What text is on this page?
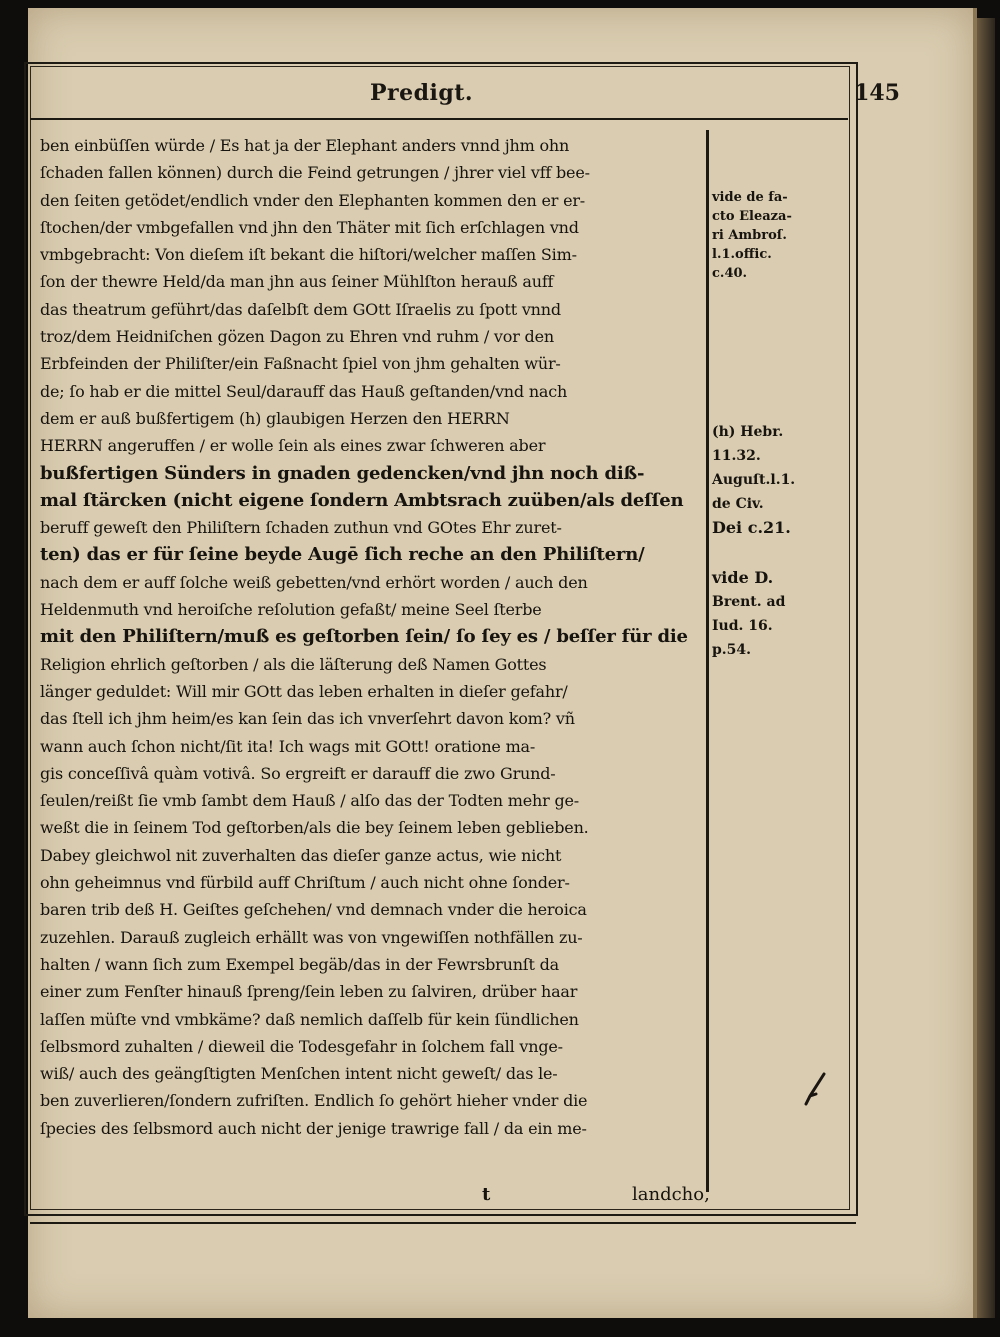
Predigt.	145
ben einbüſſen würde / Es hat ja der Elephant anders vnnd jhm ohn
ſchaden fallen können) durch die Feind getrungen / jhrer viel vff bee-
den ſeiten getödet/endlich vnder den Elephanten kommen den er er-
ſtochen/der vmbgefallen vnd jhn den Thäter mit ſich erſchlagen vnd
vmbgebracht: Von dieſem iſt bekant die hiſtori/welcher maſſen Sim-
ſon der thewre Held/da man jhn aus ſeiner Mühlſton herauß auff
das theatrum geführt/das daſelbſt dem GOtt Iſraelis zu ſpott vnnd
troz/dem Heidniſchen gözen Dagon zu Ehren vnd ruhm / vor den
Erbfeinden der Philiſter/ein Faßnacht ſpiel von jhm gehalten wür-
de; ſo hab er die mittel Seul/darauff das Hauß geſtanden/vnd nach
dem er auß bußfertigem (h) glaubigen Herzen den HERRN
HERRN angeruffen / er wolle ſein als eines zwar ſchweren aber
bußfertigen Sünders in gnaden gedencken/vnd jhn noch diß-
mal ſtärcken (nicht eigene ſondern Ambtsrach zuüben/als deſſen
beruff geweſt den Philiſtern ſchaden zuthun vnd GOtes Ehr zuret-
ten) das er für ſeine beyde Augē ſich reche an den Philiſtern/
nach dem er auff ſolche weiß gebetten/vnd erhört worden / auch den
Heldenmuth vnd heroiſche reſolution gefaßt/ meine Seel ſterbe
mit den Philiſtern/muß es geſtorben ſein/ ſo ſey es / beſſer für die
Religion ehrlich geſtorben / als die läſterung deß Namen Gottes
länger geduldet: Will mir GOtt das leben erhalten in dieſer gefahr/
das ſtell ich jhm heim/es kan ſein das ich vnverſehrt davon kom? vñ
wann auch ſchon nicht/ſit ita! Ich wags mit GOtt! oratione ma-
gis conceſſivâ quàm votivâ. So ergreift er darauff die zwo Grund-
ſeulen/reißt ſie vmb ſambt dem Hauß / alſo das der Todten mehr ge-
weßt die in ſeinem Tod geſtorben/als die bey ſeinem leben geblieben.
Dabey gleichwol nit zuverhalten das dieſer ganze actus, wie nicht
ohn geheimnus vnd fürbild auff Chriſtum / auch nicht ohne ſonder-
baren trib deß H. Geiſtes geſchehen/ vnd demnach vnder die heroica
zuzehlen. Darauß zugleich erhällt was von vngewiſſen nothfällen zu-
halten / wann ſich zum Exempel begäb/das in der Fewrsbrunſt da
einer zum Fenſter hinauß ſpreng/ſein leben zu ſalviren, drüber haar
laſſen müſte vnd vmbkäme? daß nemlich daſſelb für kein ſündlichen
ſelbsmord zuhalten / dieweil die Todesgefahr in ſolchem fall vnge-
wiß/ auch des geängſtigten Menſchen intent nicht geweſt/ das le-
ben zuverlieren/ſondern zufriſten. Endlich ſo gehört hieher vnder die
ſpecies des ſelbsmord auch nicht der jenige trawrige fall / da ein me-
vide de fa-
cto Eleaza-
ri Ambroſ.
l.1.offic.
c.40.
(h) Hebr.
11.32.
Auguſt.l.1.
de Civ.
Dei c.21.
vide D.
Brent. ad
Iud. 16.
p.54.
t	landcho,
